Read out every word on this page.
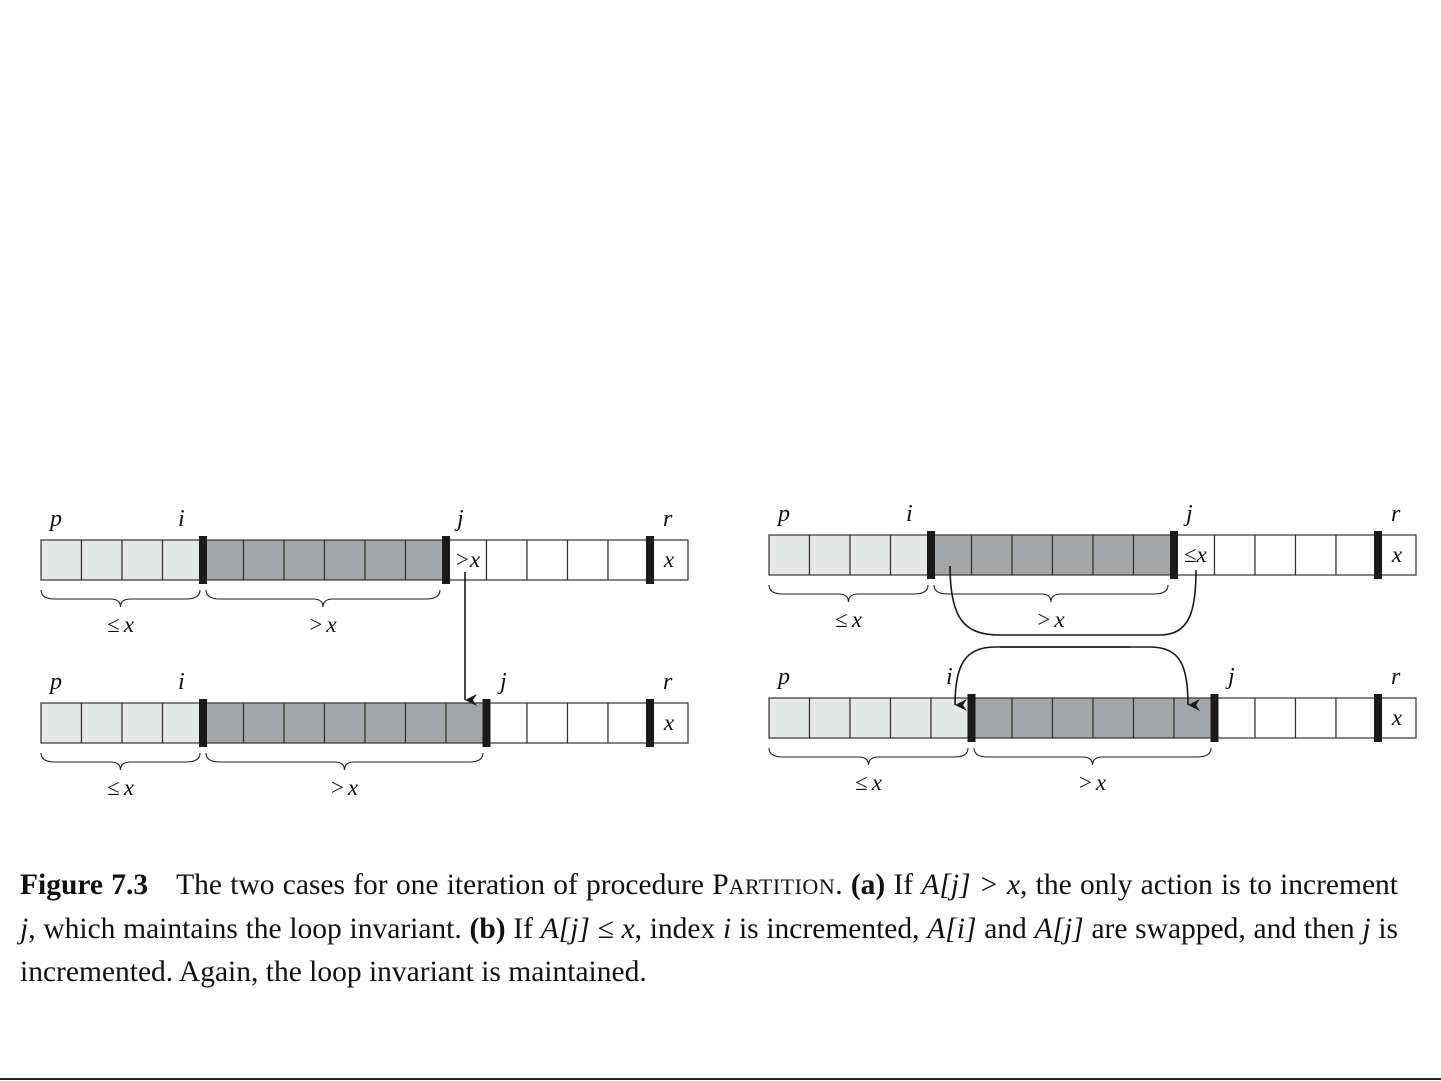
x
>x
p	i	j	r
≤ x	> x
x
p	i	j	r
≤ x	> x
x
≤x
p	i	j	r
≤ x	> x
x
p	i	j	r
≤ x	> x

Figure 7.3 The two cases for one iteration of procedure PARTITION. (a) If A[j] > x, the only action is to increment j, which maintains the loop invariant. (b) If A[j] ≤ x, index i is incremented, A[i] and A[j] are swapped, and then j is incremented. Again, the loop invariant is maintained.
